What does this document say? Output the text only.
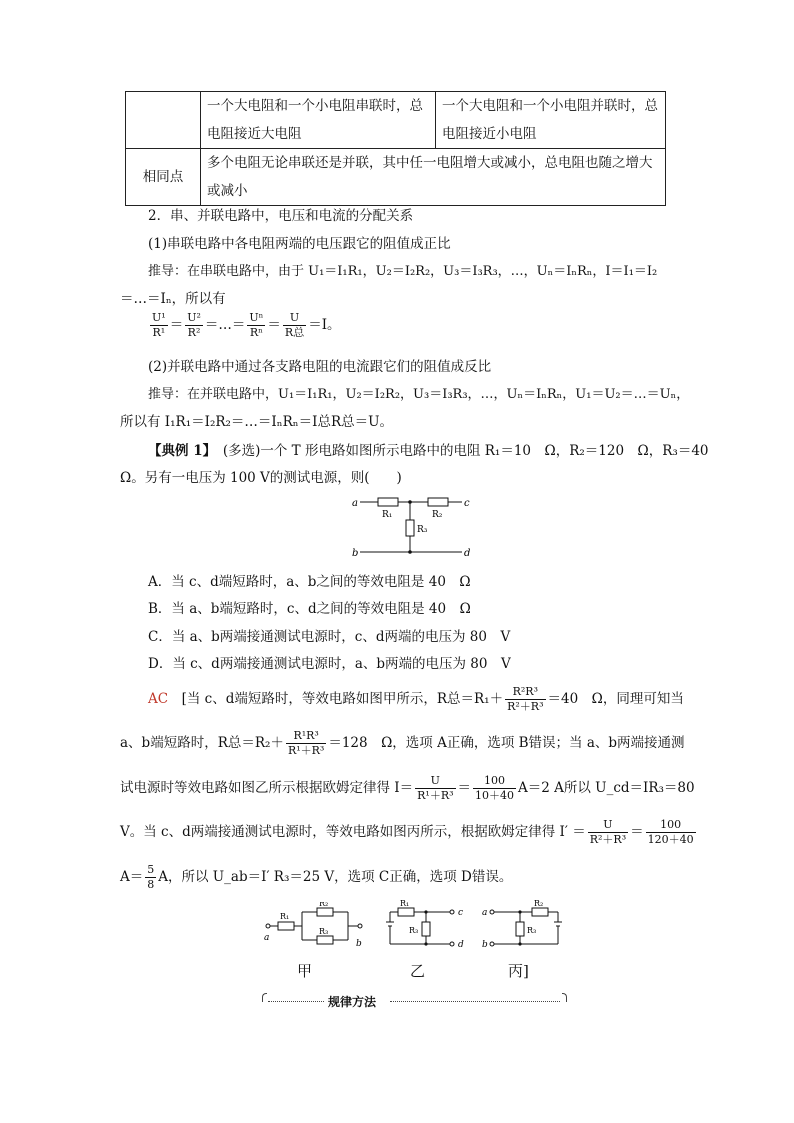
	一个大电阻和一个小电阻串联时，总电阻接近大电阻	一个大电阻和一个小电阻并联时，总电阻接近小电阻
相同点	多个电阻无论串联还是并联，其中任一电阻增大或减小，总电阻也随之增大或减小	
2．串、并联电路中，电压和电流的分配关系
(1)串联电路中各电阻两端的电压跟它的阻值成正比
推导：在串联电路中，由于 U₁＝I₁R₁，U₂＝I₂R₂，U₃＝I₃R₃，…，Uₙ＝IₙRₙ，I＝I₁＝I₂
＝…＝Iₙ，所以有
$\frac{\text{U¹}}{\text{R¹}} = \frac{\text{U²}}{\text{R²}}$ ＝…＝ $\frac{\text{Uⁿ}}{\text{Rⁿ}} = \frac{U}{\text{R总}} =I$。
(2)并联电路中通过各支路电阻的电流跟它们的阻值成反比
推导：在并联电路中，U₁＝I₁R₁，U₂＝I₂R₂，U₃＝I₃R₃，…，Uₙ＝IₙRₙ，U₁＝U₂＝…＝Uₙ，
所以有 I₁R₁＝I₂R₂＝…＝IₙRₙ＝I总R总＝U。
【典例 1】　(多选)一个 T 形电路如图所示电路中的电阻 R₁＝10　Ω，R₂＝120　Ω，R₃＝40
Ω。另有一电压为 100 V的测试电源，则(　　)
a	c
b	d
R₁	R₂
R₃
A．当 c、d端短路时，a、b之间的等效电阻是 40　Ω
B．当 a、b端短路时，c、d之间的等效电阻是 40　Ω
C．当 a、b两端接通测试电源时，c、d两端的电压为 80　V
D．当 c、d两端接通测试电源时，a、b两端的电压为 80　V
AC　[当 c、d端短路时，等效电路如图甲所示，R总$=R_1+ \frac{\text{R²R³}}{\text{R²＋R³}} =40$　Ω，同理可知当
a、b端短路时，R总$=R_2+ \frac{\text{R¹R³}}{\text{R¹＋R³}} =128$　Ω，选项 A正确，选项 B错误；当 a、b两端接通测
试电源时等效电路如图乙所示根据欧姆定律得 $I= \frac{U}{\text{R¹＋R³}} = \frac{100}{10+40} A=2$ A所以 U_cd＝IR₃＝80
V。当 c、d两端接通测试电源时，等效电路如图丙所示，根据欧姆定律得 $I' = \frac{U}{\text{R²＋R³}} = \frac{100}{120+40}$
$A= \frac{5}{8}$ A，所以 U_ab＝I′ R₃＝25 V，选项 C正确，选项 D错误。
R₁
R₂
R₃
a
b
甲
R₁
R₃
c
d
乙
a
b
R₂
R₃
丙]
规律方法
